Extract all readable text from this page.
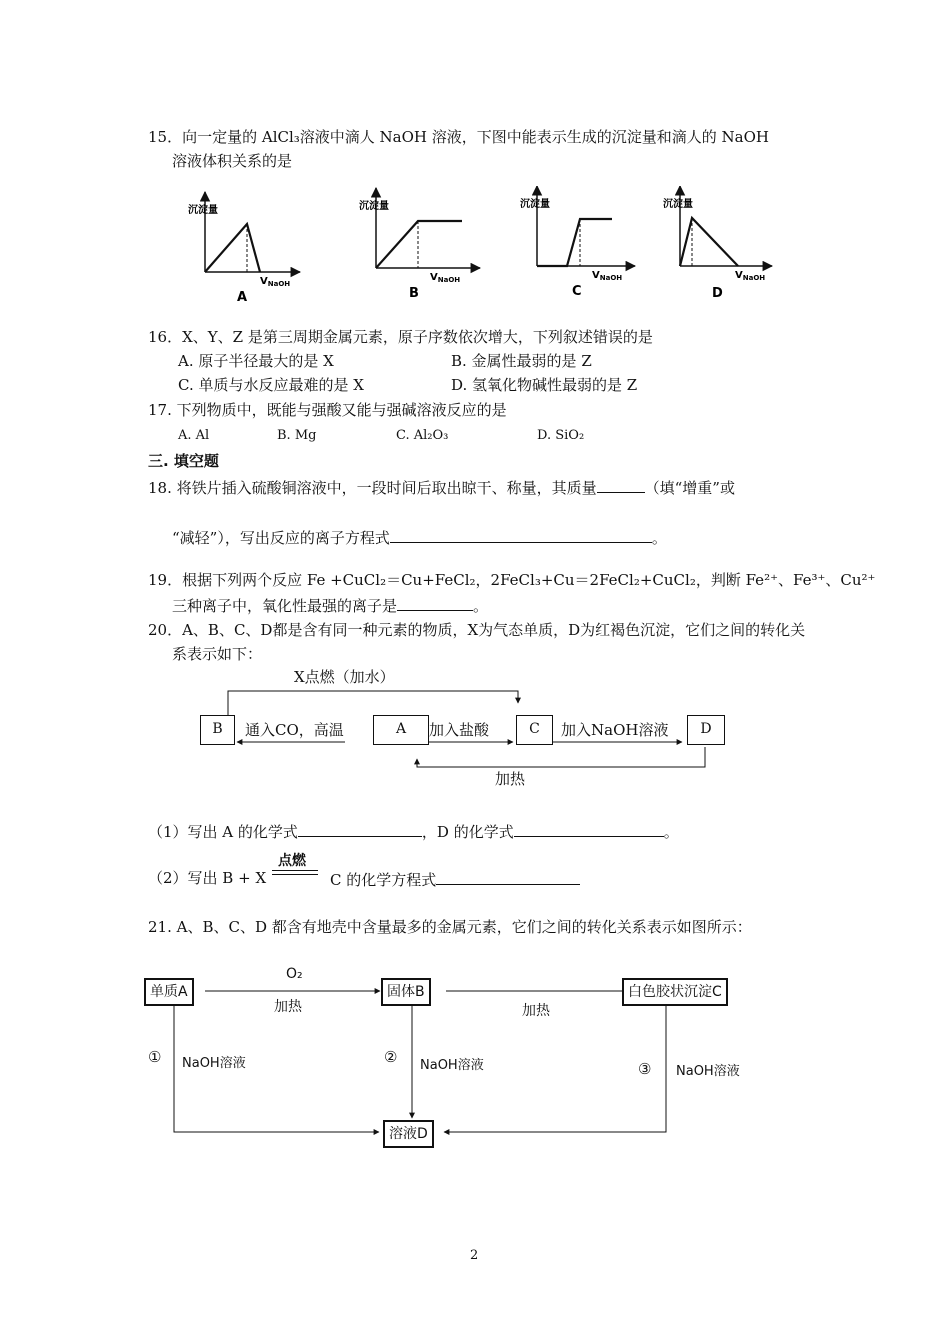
15．向一定量的 AlCl₃溶液中滴人 NaOH 溶液，下图中能表示生成的沉淀量和滴人的 NaOH
溶液体积关系的是
沉淀量
$V_{NaOH}$
A
沉淀量
$V_{NaOH}$
B
沉淀量
$V_{NaOH}$
C
沉淀量
$V_{NaOH}$
D
16．X、Y、Z 是第三周期金属元素，原子序数依次增大，下列叙述错误的是
A. 原子半径最大的是 X	B. 金属性最弱的是 Z
C. 单质与水反应最难的是 X	D. 氢氧化物碱性最弱的是 Z
17. 下列物质中，既能与强酸又能与强碱溶液反应的是
A. Al	B. Mg	C. Al₂O₃	D. SiO₂
三. 填空题
18. 将铁片插入硫酸铜溶液中，一段时间后取出晾干、称量，其质量	（填“增重”或
“减轻”），写出反应的离子方程式	。
19．根据下列两个反应 Fe +CuCl₂＝Cu+FeCl₂，2FeCl₃+Cu＝2FeCl₂+CuCl₂，判断 Fe²⁺、Fe³⁺、Cu²⁺
三种离子中，氧化性最强的离子是	。
20．A、B、C、D都是含有同一种元素的物质，X为气态单质，D为红褐色沉淀，它们之间的转化关
系表示如下：
X点燃（加水）
B	通入CO，高温	A	加入盐酸	C	加入NaOH溶液	D
加热
（1）写出 A 的化学式	，D 的化学式	。
（2）写出 B + X
点燃
C 的化学方程式
21. A、B、C、D 都含有地壳中含量最多的金属元素，它们之间的转化关系表示如图所示：
单质A
O₂
加热
固体B
加热
白色胶状沉淀C
① NaOH溶液	② NaOH溶液	③ NaOH溶液
溶液D
2
